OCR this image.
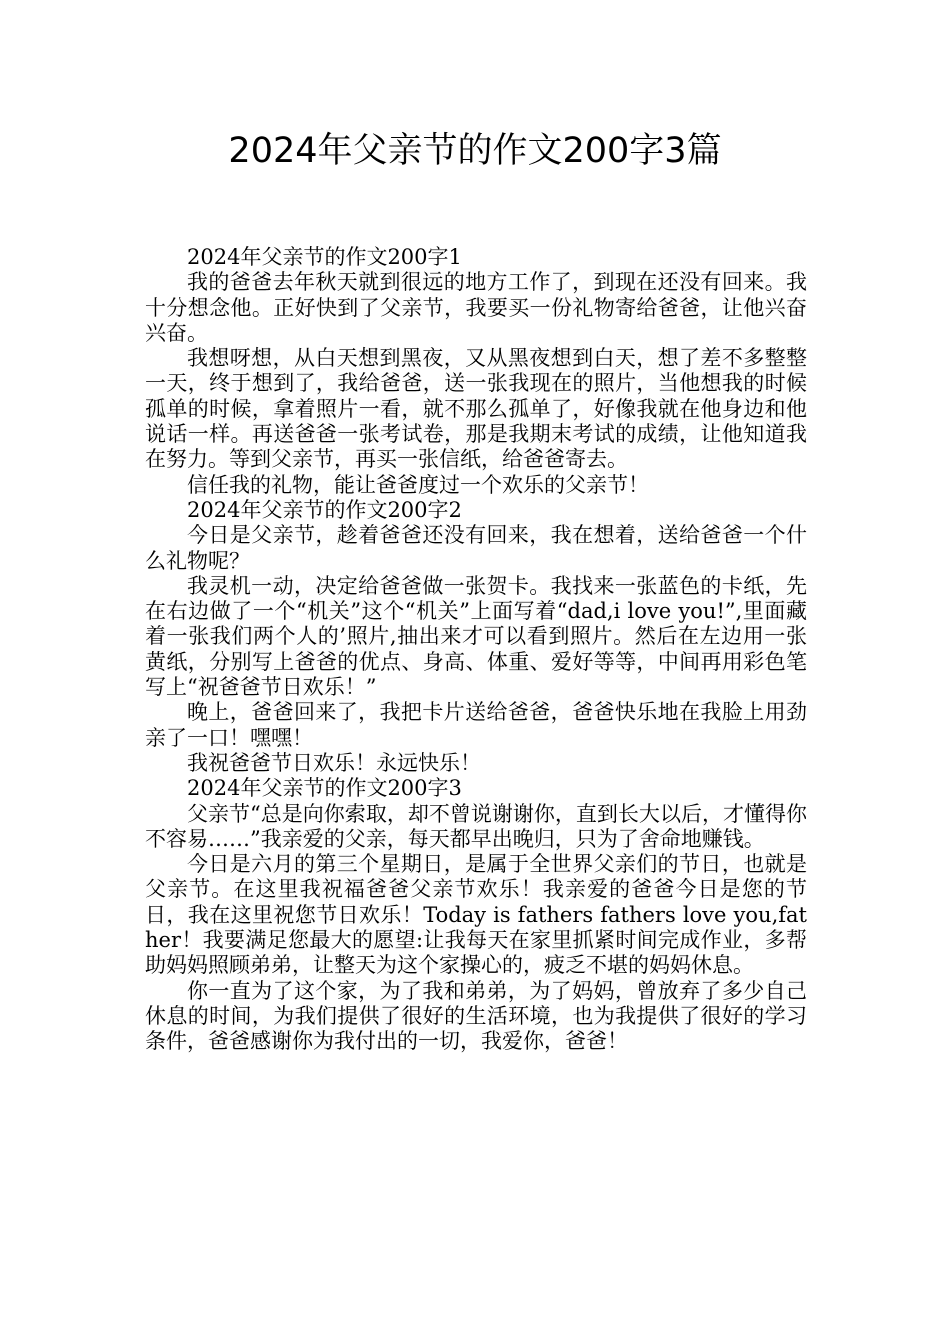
2024年父亲节的作文200字3篇

2024年父亲节的作文200字1

我的爸爸去年秋天就到很远的地方工作了，到现在还没有回来。我十分想念他。正好快到了父亲节，我要买一份礼物寄给爸爸，让他兴奋兴奋。

我想呀想，从白天想到黑夜，又从黑夜想到白天，想了差不多整整一天，终于想到了，我给爸爸，送一张我现在的照片，当他想我的时候孤单的时候，拿着照片一看，就不那么孤单了，好像我就在他身边和他说话一样。再送爸爸一张考试卷，那是我期末考试的成绩，让他知道我在努力。等到父亲节，再买一张信纸，给爸爸寄去。

信任我的礼物，能让爸爸度过一个欢乐的父亲节！

2024年父亲节的作文200字2

今日是父亲节，趁着爸爸还没有回来，我在想着，送给爸爸一个什么礼物呢？

我灵机一动，决定给爸爸做一张贺卡。我找来一张蓝色的卡纸，先在右边做了一个“机关”这个“机关”上面写着“dad,i love you!”,里面藏着一张我们两个人的’照片,抽出来才可以看到照片。然后在左边用一张黄纸，分别写上爸爸的优点、身高、体重、爱好等等，中间再用彩色笔写上“祝爸爸节日欢乐！”

晚上，爸爸回来了，我把卡片送给爸爸，爸爸快乐地在我脸上用劲亲了一口！嘿嘿！

我祝爸爸节日欢乐！永远快乐！

2024年父亲节的作文200字3

父亲节“总是向你索取，却不曾说谢谢你，直到长大以后，才懂得你不容易……”我亲爱的父亲，每天都早出晚归，只为了舍命地赚钱。

今日是六月的第三个星期日，是属于全世界父亲们的节日，也就是父亲节。在这里我祝福爸爸父亲节欢乐！我亲爱的爸爸今日是您的节日，我在这里祝您节日欢乐！Today is fathers fathers love you,father！我要满足您最大的愿望:让我每天在家里抓紧时间完成作业，多帮助妈妈照顾弟弟，让整天为这个家操心的，疲乏不堪的妈妈休息。

你一直为了这个家，为了我和弟弟，为了妈妈，曾放弃了多少自己休息的时间，为我们提供了很好的生活环境，也为我提供了很好的学习条件，爸爸感谢你为我付出的一切，我爱你，爸爸！
